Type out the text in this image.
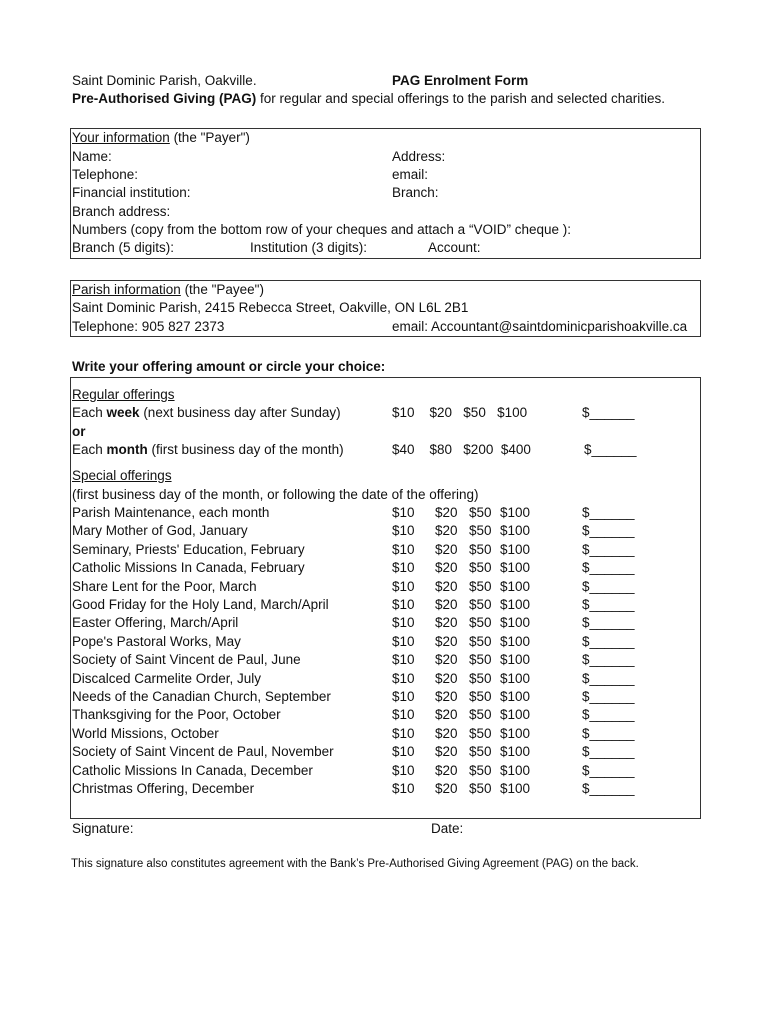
Saint Dominic Parish, Oakville.	PAG Enrolment Form
Pre-Authorised Giving (PAG) for regular and special offerings to the parish and selected charities.
Your information (the "Payer")
Name:	Address:
Telephone:	email:
Financial institution:	Branch:
Branch address:
Numbers (copy from the bottom row of your cheques and attach a “VOID” cheque ):
Branch (5 digits):	Institution (3 digits):	Account:
Parish information (the "Payee")
Saint Dominic Parish, 2415 Rebecca Street, Oakville, ON L6L 2B1
Telephone: 905 827 2373	email: Accountant@saintdominicparishoakville.ca
Write your offering amount or circle your choice:
Regular offerings
Each week (next business day after Sunday)	$10    $20   $50   $100	$______
or
Each month (first business day of the month)	$40    $80   $200  $400	$______
Special offerings
(first business day of the month, or following the date of the offering)
Parish Maintenance, each month	$10 $20 $50 $100	$______
Mary Mother of God, January	$10 $20 $50 $100	$______
Seminary, Priests' Education, February	$10 $20 $50 $100	$______
Catholic Missions In Canada, February	$10 $20 $50 $100	$______
Share Lent for the Poor, March	$10 $20 $50 $100	$______
Good Friday for the Holy Land, March/April	$10 $20 $50 $100	$______
Easter Offering, March/April	$10 $20 $50 $100	$______
Pope's Pastoral Works, May	$10 $20 $50 $100	$______
Society of Saint Vincent de Paul, June	$10 $20 $50 $100	$______
Discalced Carmelite Order, July	$10 $20 $50 $100	$______
Needs of the Canadian Church, September	$10 $20 $50 $100	$______
Thanksgiving for the Poor, October	$10 $20 $50 $100	$______
World Missions, October	$10 $20 $50 $100	$______
Society of Saint Vincent de Paul, November	$10 $20 $50 $100	$______
Catholic Missions In Canada, December	$10 $20 $50 $100	$______
Christmas Offering, December	$10 $20 $50 $100	$______
Signature:	Date:
This signature also constitutes agreement with the Bank’s Pre-Authorised Giving Agreement (PAG) on the back.
